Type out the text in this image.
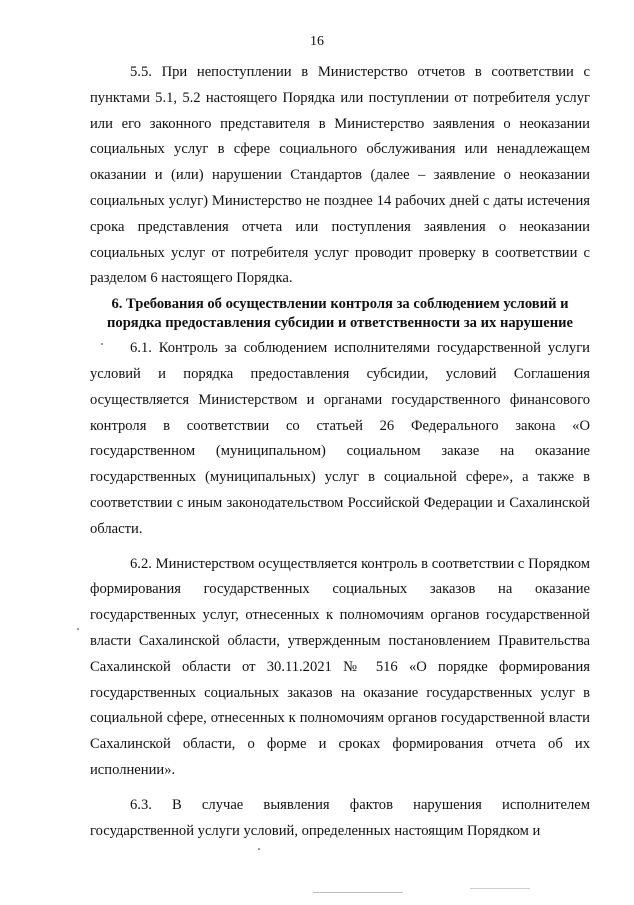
16

5.5. При непоступлении в Министерство отчетов в соответствии с пунктами 5.1, 5.2 настоящего Порядка или поступлении от потребителя услуг или его законного представителя в Министерство заявления о неоказании социальных услуг в сфере социального обслуживания или ненадлежащем оказании и (или) нарушении Стандартов (далее – заявление о неоказании социальных услуг) Министерство не позднее 14 рабочих дней с даты истечения срока представления отчета или поступления заявления о неоказании социальных услуг от потребителя услуг проводит проверку в соответствии с разделом 6 настоящего Порядка.

6. Требования об осуществлении контроля за соблюдением условий и порядка предоставления субсидии и ответственности за их нарушение

6.1. Контроль за соблюдением исполнителями государственной услуги условий и порядка предоставления субсидии, условий Соглашения осуществляется Министерством и органами государственного финансового контроля в соответствии со статьей 26 Федерального закона «О государственном (муниципальном) социальном заказе на оказание государственных (муниципальных) услуг в социальной сфере», а также в соответствии с иным законодательством Российской Федерации и Сахалинской области.

6.2. Министерством осуществляется контроль в соответствии с Порядком формирования государственных социальных заказов на оказание государственных услуг, отнесенных к полномочиям органов государственной власти Сахалинской области, утвержденным постановлением Правительства Сахалинской области от 30.11.2021 № 516 «О порядке формирования государственных социальных заказов на оказание государственных услуг в социальной сфере, отнесенных к полномочиям органов государственной власти Сахалинской области, о форме и сроках формирования отчета об их исполнении».

6.3. В случае выявления фактов нарушения исполнителем государственной услуги условий, определенных настоящим Порядком и
